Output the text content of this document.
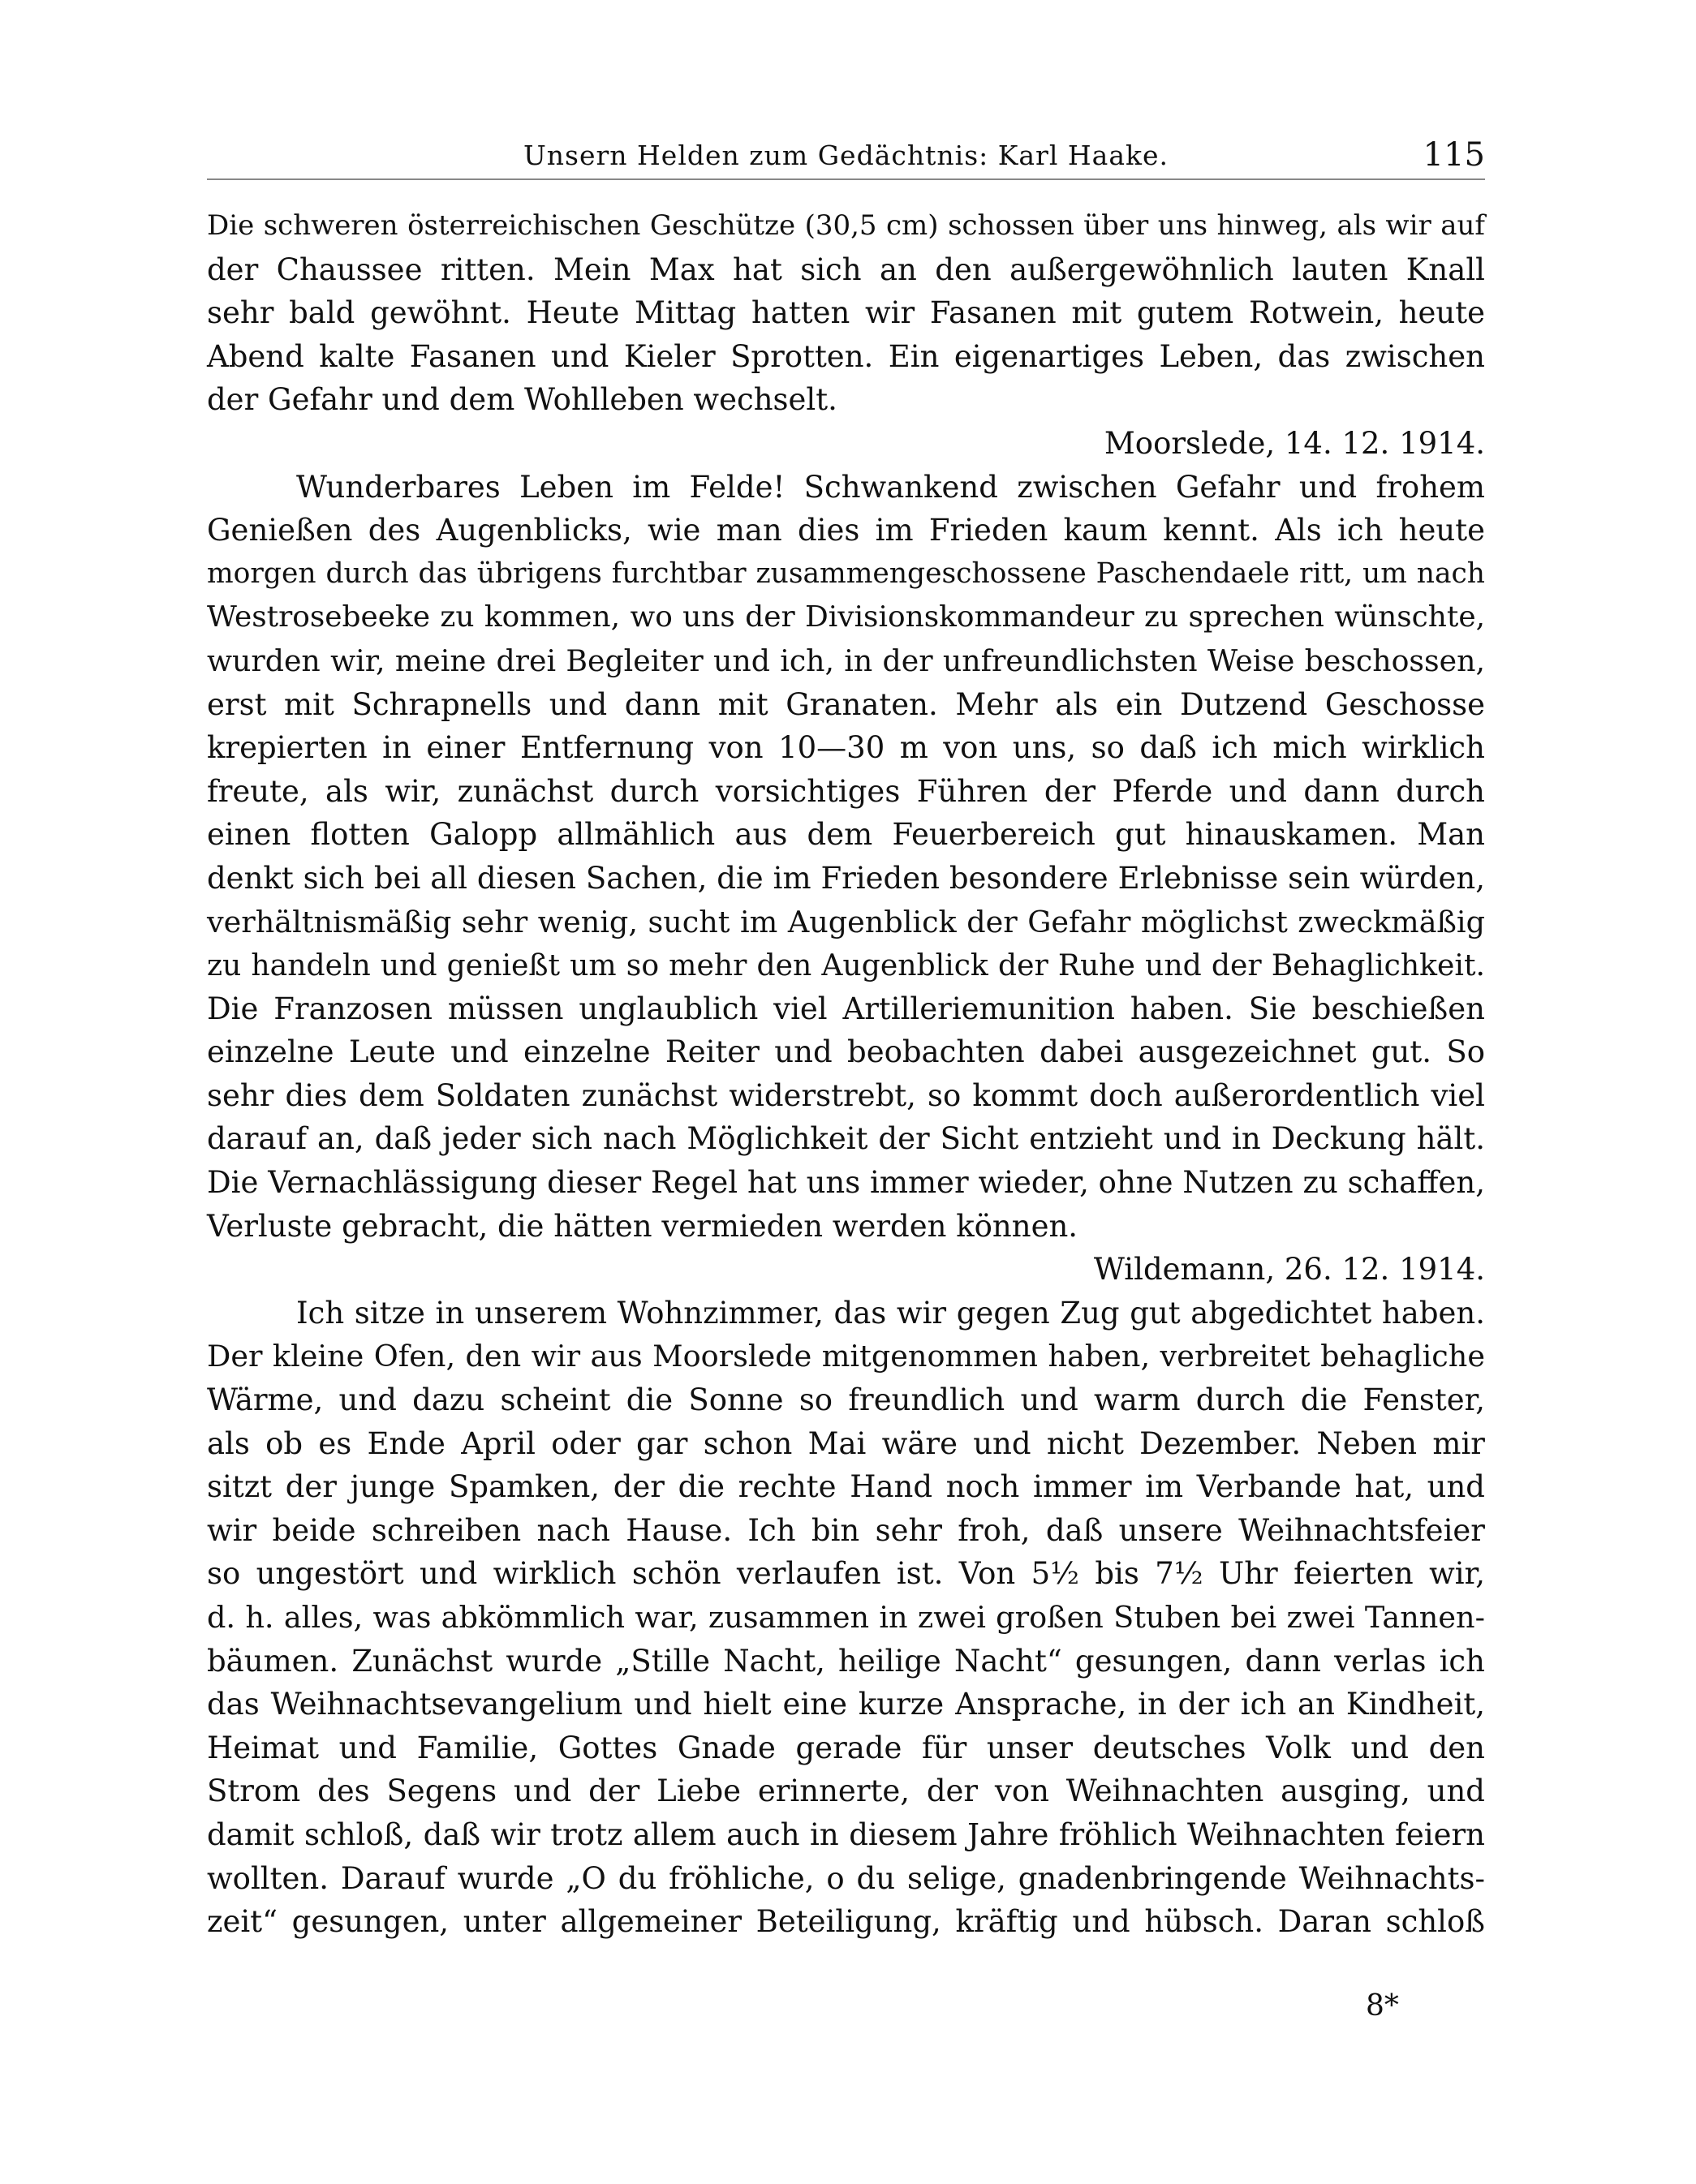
Unsern Helden zum Gedächtnis: Karl Haake.	115
Die schweren österreichischen Geschütze (30,5 cm) schossen über uns hinweg, als wir auf
der Chaussee ritten. Mein Max hat sich an den außergewöhnlich lauten Knall
sehr bald gewöhnt. Heute Mittag hatten wir Fasanen mit gutem Rotwein, heute
Abend kalte Fasanen und Kieler Sprotten. Ein eigenartiges Leben, das zwischen
der Gefahr und dem Wohlleben wechselt.
Moorslede, 14. 12. 1914.
Wunderbares Leben im Felde! Schwankend zwischen Gefahr und frohem
Genießen des Augenblicks, wie man dies im Frieden kaum kennt. Als ich heute
morgen durch das übrigens furchtbar zusammengeschossene Paschendaele ritt, um nach
Westrosebeeke zu kommen, wo uns der Divisionskommandeur zu sprechen wünschte,
wurden wir, meine drei Begleiter und ich, in der unfreundlichsten Weise beschossen,
erst mit Schrapnells und dann mit Granaten. Mehr als ein Dutzend Geschosse
krepierten in einer Entfernung von 10—30 m von uns, so daß ich mich wirklich
freute, als wir, zunächst durch vorsichtiges Führen der Pferde und dann durch
einen flotten Galopp allmählich aus dem Feuerbereich gut hinauskamen. Man
denkt sich bei all diesen Sachen, die im Frieden besondere Erlebnisse sein würden,
verhältnismäßig sehr wenig, sucht im Augenblick der Gefahr möglichst zweckmäßig
zu handeln und genießt um so mehr den Augenblick der Ruhe und der Behaglichkeit.
Die Franzosen müssen unglaublich viel Artilleriemunition haben. Sie beschießen
einzelne Leute und einzelne Reiter und beobachten dabei ausgezeichnet gut. So
sehr dies dem Soldaten zunächst widerstrebt, so kommt doch außerordentlich viel
darauf an, daß jeder sich nach Möglichkeit der Sicht entzieht und in Deckung hält.
Die Vernachlässigung dieser Regel hat uns immer wieder, ohne Nutzen zu schaffen,
Verluste gebracht, die hätten vermieden werden können.
Wildemann, 26. 12. 1914.
Ich sitze in unserem Wohnzimmer, das wir gegen Zug gut abgedichtet haben.
Der kleine Ofen, den wir aus Moorslede mitgenommen haben, verbreitet behagliche
Wärme, und dazu scheint die Sonne so freundlich und warm durch die Fenster,
als ob es Ende April oder gar schon Mai wäre und nicht Dezember. Neben mir
sitzt der junge Spamken, der die rechte Hand noch immer im Verbande hat, und
wir beide schreiben nach Hause. Ich bin sehr froh, daß unsere Weihnachtsfeier
so ungestört und wirklich schön verlaufen ist. Von 5½ bis 7½ Uhr feierten wir,
d. h. alles, was abkömmlich war, zusammen in zwei großen Stuben bei zwei Tannen-
bäumen. Zunächst wurde „Stille Nacht, heilige Nacht“ gesungen, dann verlas ich
das Weihnachtsevangelium und hielt eine kurze Ansprache, in der ich an Kindheit,
Heimat und Familie, Gottes Gnade gerade für unser deutsches Volk und den
Strom des Segens und der Liebe erinnerte, der von Weihnachten ausging, und
damit schloß, daß wir trotz allem auch in diesem Jahre fröhlich Weihnachten feiern
wollten. Darauf wurde „O du fröhliche, o du selige, gnadenbringende Weihnachts-
zeit“ gesungen, unter allgemeiner Beteiligung, kräftig und hübsch. Daran schloß
8*
